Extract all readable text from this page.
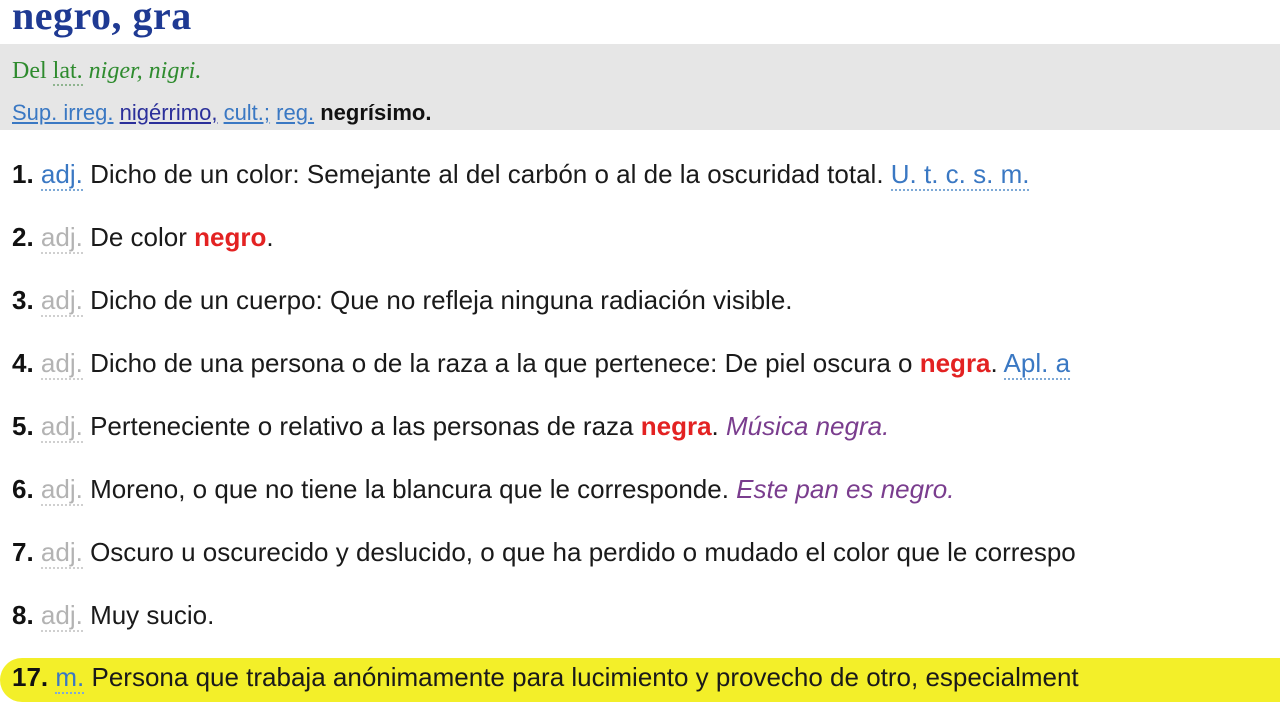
negro, gra
Del lat. niger, nigri.
Sup. irreg. nigérrimo, cult.; reg. negrísimo.
1. adj. Dicho de un color: Semejante al del carbón o al de la oscuridad total. U. t. c. s. m.
2. adj. De color negro.
3. adj. Dicho de un cuerpo: Que no refleja ninguna radiación visible.
4. adj. Dicho de una persona o de la raza a la que pertenece: De piel oscura o negra. Apl. a
5. adj. Perteneciente o relativo a las personas de raza negra. Música negra.
6. adj. Moreno, o que no tiene la blancura que le corresponde. Este pan es negro.
7. adj. Oscuro u oscurecido y deslucido, o que ha perdido o mudado el color que le correspo
8. adj. Muy sucio.
17. m. Persona que trabaja anónimamente para lucimiento y provecho de otro, especialment
